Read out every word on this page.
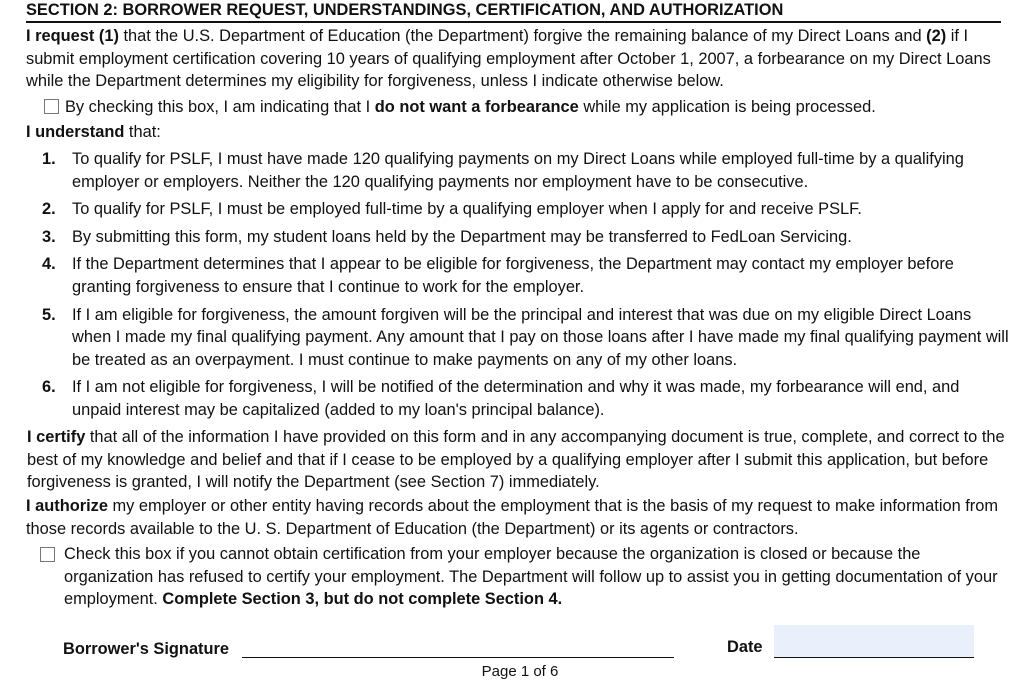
SECTION 2: BORROWER REQUEST, UNDERSTANDINGS, CERTIFICATION, AND AUTHORIZATION
I request (1) that the U.S. Department of Education (the Department) forgive the remaining balance of my Direct Loans and (2) if I submit employment certification covering 10 years of qualifying employment after October 1, 2007, a forbearance on my Direct Loans while the Department determines my eligibility for forgiveness, unless I indicate otherwise below.
By checking this box, I am indicating that I do not want a forbearance while my application is being processed.
I understand that:
1. To qualify for PSLF, I must have made 120 qualifying payments on my Direct Loans while employed full-time by a qualifying employer or employers. Neither the 120 qualifying payments nor employment have to be consecutive.
2. To qualify for PSLF, I must be employed full-time by a qualifying employer when I apply for and receive PSLF.
3. By submitting this form, my student loans held by the Department may be transferred to FedLoan Servicing.
4. If the Department determines that I appear to be eligible for forgiveness, the Department may contact my employer before granting forgiveness to ensure that I continue to work for the employer.
5. If I am eligible for forgiveness, the amount forgiven will be the principal and interest that was due on my eligible Direct Loans when I made my final qualifying payment. Any amount that I pay on those loans after I have made my final qualifying payment will be treated as an overpayment. I must continue to make payments on any of my other loans.
6. If I am not eligible for forgiveness, I will be notified of the determination and why it was made, my forbearance will end, and unpaid interest may be capitalized (added to my loan's principal balance).
I certify that all of the information I have provided on this form and in any accompanying document is true, complete, and correct to the best of my knowledge and belief and that if I cease to be employed by a qualifying employer after I submit this application, but before forgiveness is granted, I will notify the Department (see Section 7) immediately.
I authorize my employer or other entity having records about the employment that is the basis of my request to make information from those records available to the U. S. Department of Education (the Department) or its agents or contractors.
Check this box if you cannot obtain certification from your employer because the organization is closed or because the organization has refused to certify your employment. The Department will follow up to assist you in getting documentation of your employment. Complete Section 3, but do not complete Section 4.
Borrower's Signature	Date
Page 1 of 6
